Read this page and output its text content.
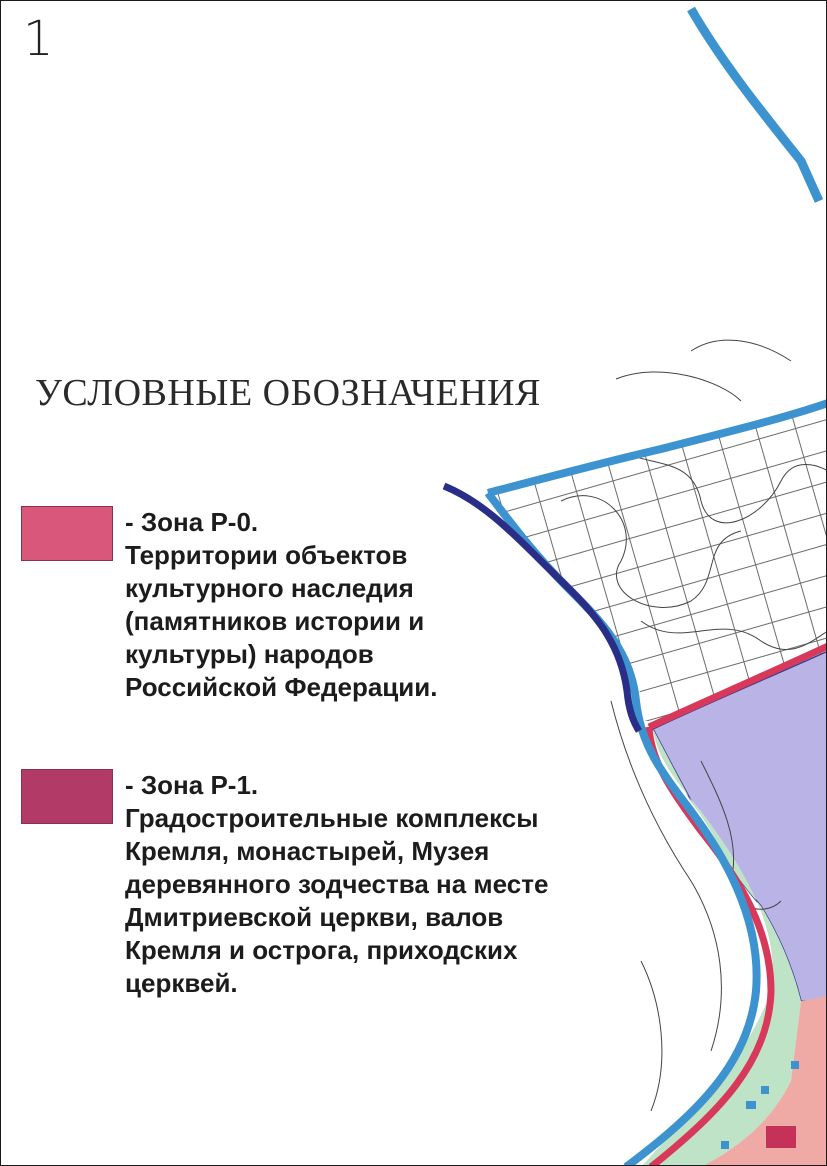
1
УСЛОВНЫЕ ОБОЗНАЧЕНИЯ
- Зона Р-0.
Территории объектов
культурного наследия
(памятников истории и
культуры) народов
Российской Федерации.
- Зона Р-1.
Градостроительные комплексы
Кремля, монастырей, Музея
деревянного зодчества на месте
Дмитриевской церкви, валов
Кремля и острога, приходских
церквей.
